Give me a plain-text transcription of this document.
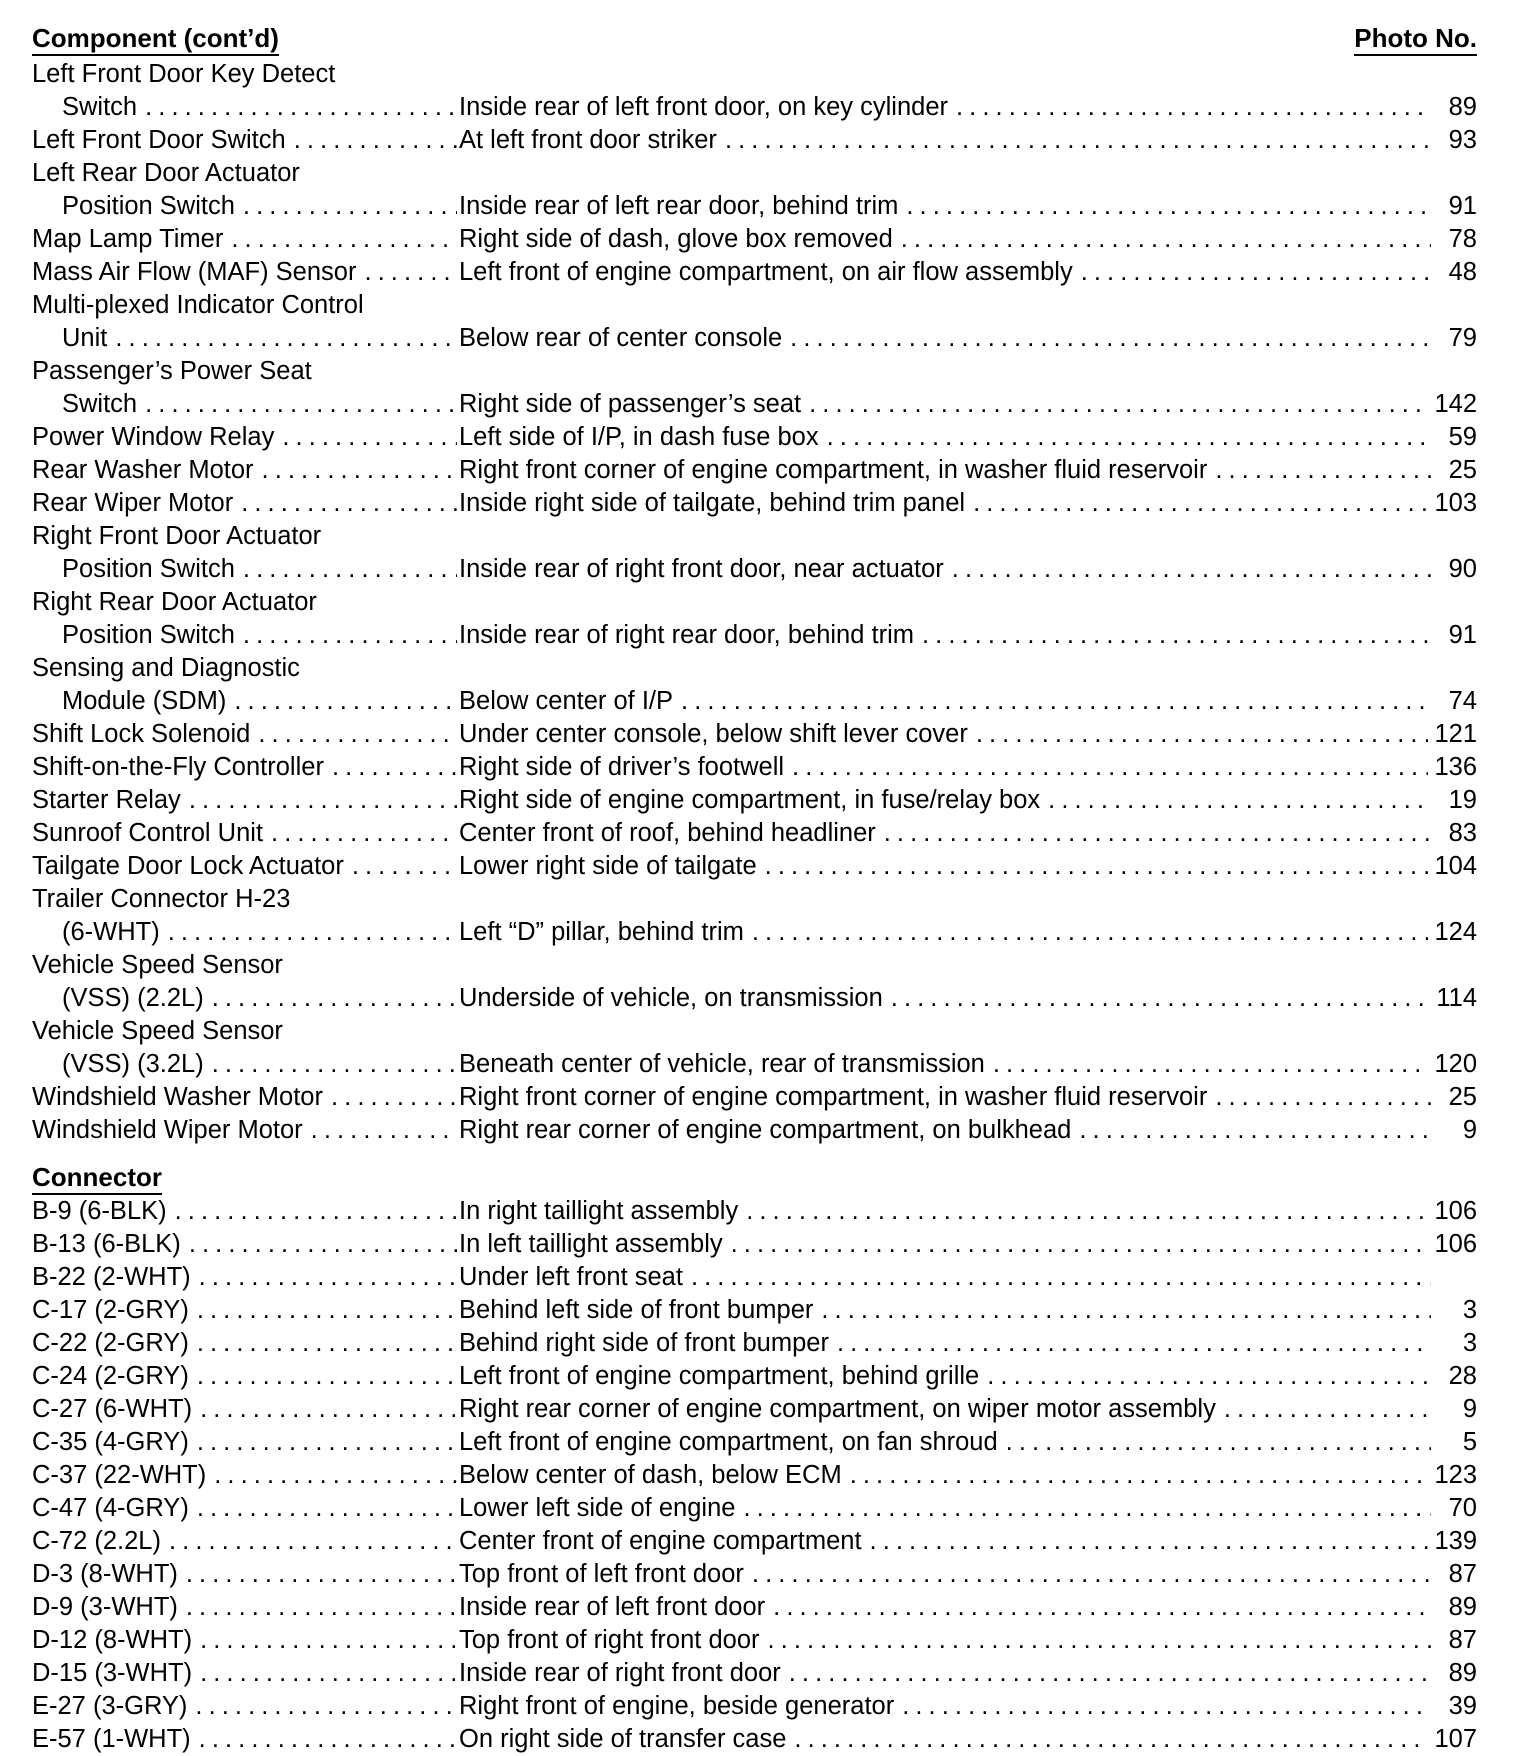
Component (cont’d)	Photo No.
Left Front Door Key Detect
Switch . . .	Inside rear of left front door, on key cylinder . . .	89
Left Front Door Switch . . .	At left front door striker . . .	93
Left Rear Door Actuator
Position Switch . . .	Inside rear of left rear door, behind trim . . .	91
Map Lamp Timer . . .	Right side of dash, glove box removed . . .	78
Mass Air Flow (MAF) Sensor . . .	Left front of engine compartment, on air flow assembly . . .	48
Multi-plexed Indicator Control
Unit . . .	Below rear of center console . . .	79
Passenger’s Power Seat
Switch . . .	Right side of passenger’s seat . . .	142
Power Window Relay . . .	Left side of I/P, in dash fuse box . . .	59
Rear Washer Motor . . .	Right front corner of engine compartment, in washer fluid reservoir . . .	25
Rear Wiper Motor . . .	Inside right side of tailgate, behind trim panel . . .	103
Right Front Door Actuator
Position Switch . . .	Inside rear of right front door, near actuator . . .	90
Right Rear Door Actuator
Position Switch . . .	Inside rear of right rear door, behind trim . . .	91
Sensing and Diagnostic
Module (SDM) . . .	Below center of I/P . . .	74
Shift Lock Solenoid . . .	Under center console, below shift lever cover . . .	121
Shift-on-the-Fly Controller . . .	Right side of driver’s footwell . . .	136
Starter Relay . . .	Right side of engine compartment, in fuse/relay box . . .	19
Sunroof Control Unit . . .	Center front of roof, behind headliner . . .	83
Tailgate Door Lock Actuator . . .	Lower right side of tailgate . . .	104
Trailer Connector H-23
(6-WHT) . . .	Left “D” pillar, behind trim . . .	124
Vehicle Speed Sensor
(VSS) (2.2L) . . .	Underside of vehicle, on transmission . . .	114
Vehicle Speed Sensor
(VSS) (3.2L) . . .	Beneath center of vehicle, rear of transmission . . .	120
Windshield Washer Motor . . .	Right front corner of engine compartment, in washer fluid reservoir . . .	25
Windshield Wiper Motor . . .	Right rear corner of engine compartment, on bulkhead . . .	9
Connector
B-9 (6-BLK) . . .	In right taillight assembly . . .	106
B-13 (6-BLK) . . .	In left taillight assembly . . .	106
B-22 (2-WHT) . . .	Under left front seat
. . .
C-17 (2-GRY) . . .	Behind left side of front bumper . . .	3
C-22 (2-GRY) . . .	Behind right side of front bumper . . .	3
C-24 (2-GRY) . . .	Left front of engine compartment, behind grille . . .	28
C-27 (6-WHT) . . .	Right rear corner of engine compartment, on wiper motor assembly . . .	9
C-35 (4-GRY) . . .	Left front of engine compartment, on fan shroud . . .	5
C-37 (22-WHT) . . .	Below center of dash, below ECM . . .	123
C-47 (4-GRY) . . .	Lower left side of engine . . .	70
C-72 (2.2L) . . .	Center front of engine compartment . . .	139
D-3 (8-WHT) . . .	Top front of left front door . . .	87
D-9 (3-WHT) . . .	Inside rear of left front door . . .	89
D-12 (8-WHT) . . .	Top front of right front door . . .	87
D-15 (3-WHT) . . .	Inside rear of right front door . . .	89
E-27 (3-GRY) . . .	Right front of engine, beside generator . . .	39
E-57 (1-WHT) . . .	On right side of transfer case . . .	107
